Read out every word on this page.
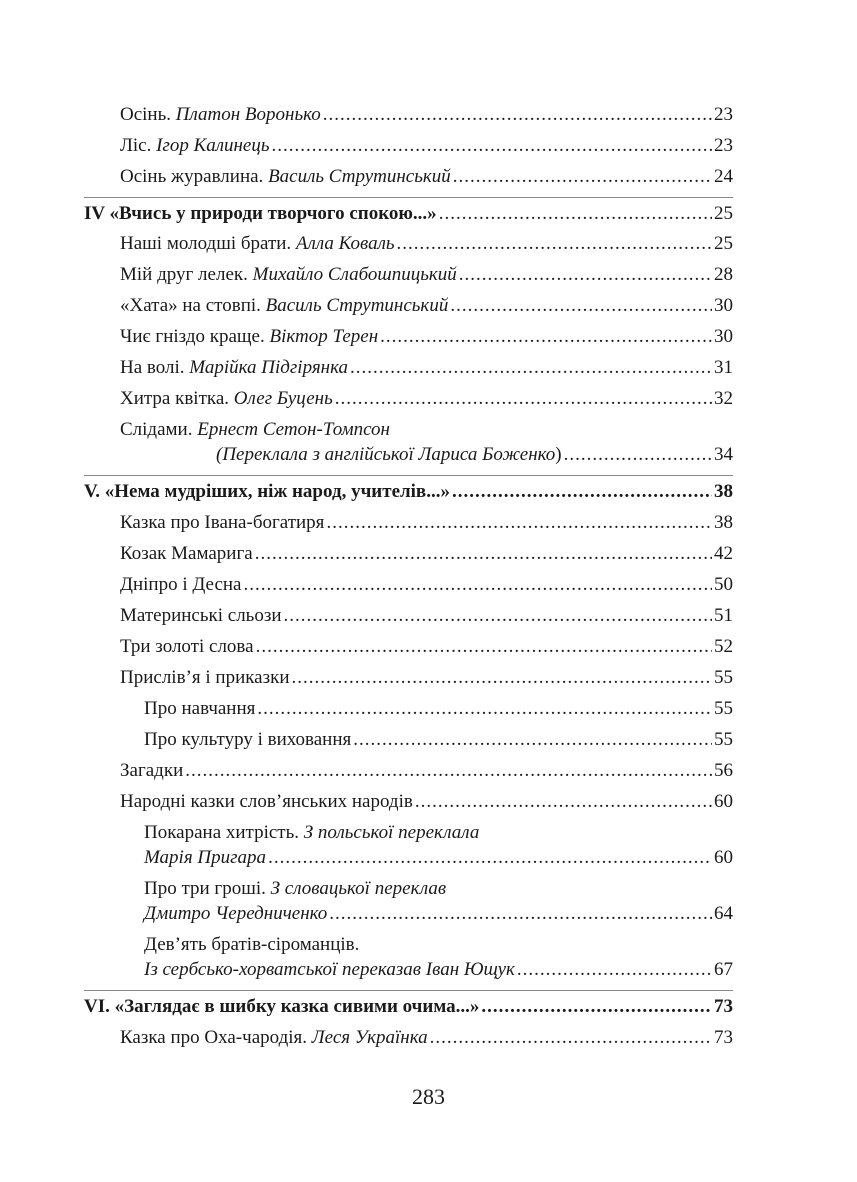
Осінь. Платон Воронько .....	23
Ліс. Ігор Калинець .....	23
Осінь журавлина. Василь Струтинський .....	24
IV «Вчись у природи творчого спокою...» .....	25
Наші молодші брати. Алла Коваль .....	25
Мій друг лелек. Михайло Слабошпицький .....	28
«Хата» на стовпі. Василь Струтинський .....	30
Чиє гніздо краще. Віктор Терен .....	30
На волі. Марійка Підгірянка .....	31
Хитра квітка. Олег Буцень .....	32
Слідами. Ернест Сетон-Томпсон
(Переклала з англійської Лариса Боженко) .....	34
V. «Нема мудріших, ніж народ, учителів...» .....	38
Казка про Івана-богатиря .....	38
Козак Мамарига .....	42
Дніпро і Десна .....	50
Материнські сльози .....	51
Три золоті слова .....	52
Прислів’я і приказки .....	55
Про навчання .....	55
Про культуру і виховання .....	55
Загадки .....	56
Народні казки слов’янських народів .....	60
Покарана хитрість. З польської переклала
Марія Пригара .....	60
Про три гроші. З словацької переклав
Дмитро Чередниченко .....	64
Дев’ять братів-сіроманців.
Із сербсько-хорватської переказав Іван Ющук .....	67
VI. «Заглядає в шибку казка сивими очима...» .....	73
Казка про Оха-чародія. Леся Українка .....	73
283
